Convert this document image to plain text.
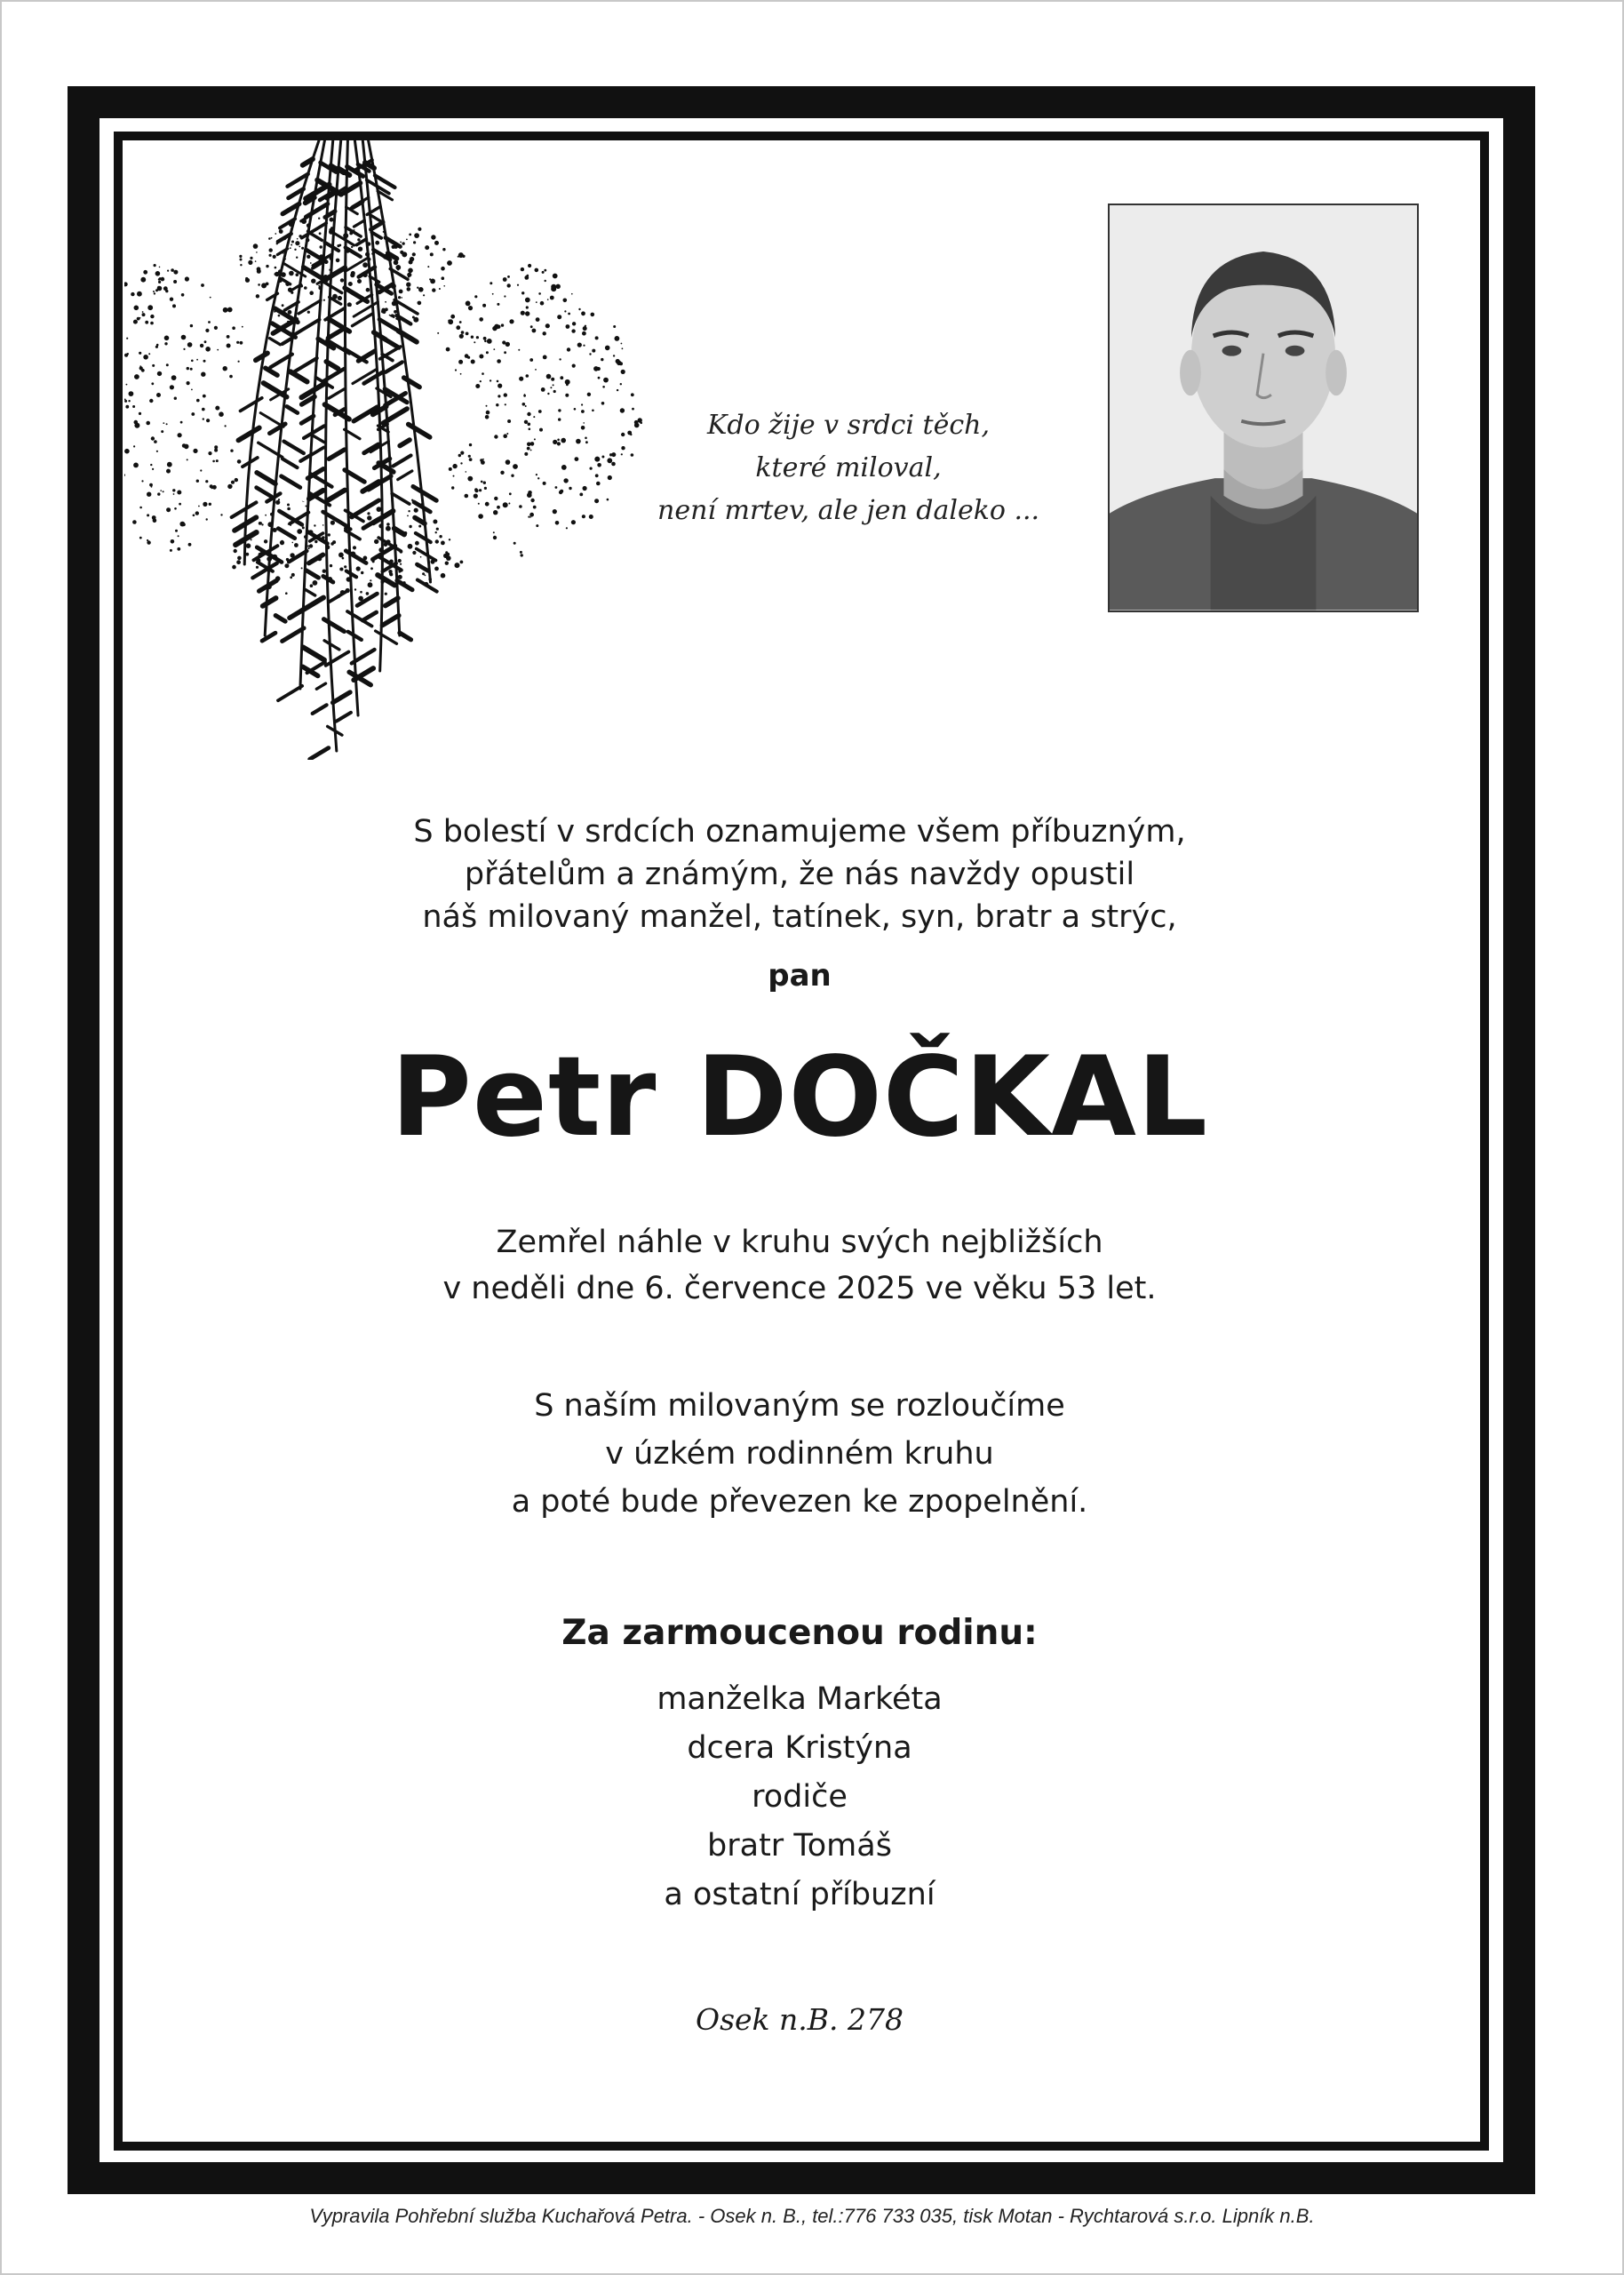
Kdo žije v srdci těch,
které miloval,
není mrtev, ale jen daleko ...
S bolestí v srdcích oznamujeme všem příbuzným,
přátelům a známým, že nás navždy opustil
náš milovaný manžel, tatínek, syn, bratr a strýc,
pan
Petr DOČKAL
Zemřel náhle v kruhu svých nejbližších
v neděli dne 6. července 2025 ve věku 53 let.
S naším milovaným se rozloučíme
v úzkém rodinném kruhu
a poté bude převezen ke zpopelnění.
Za zarmoucenou rodinu:
manželka Markéta
dcera Kristýna
rodiče
bratr Tomáš
a ostatní příbuzní
Osek n.B. 278
Vypravila Pohřební služba Kuchařová Petra. - Osek n. B., tel.:776 733 035, tisk Motan - Rychtarová s.r.o. Lipník n.B.
